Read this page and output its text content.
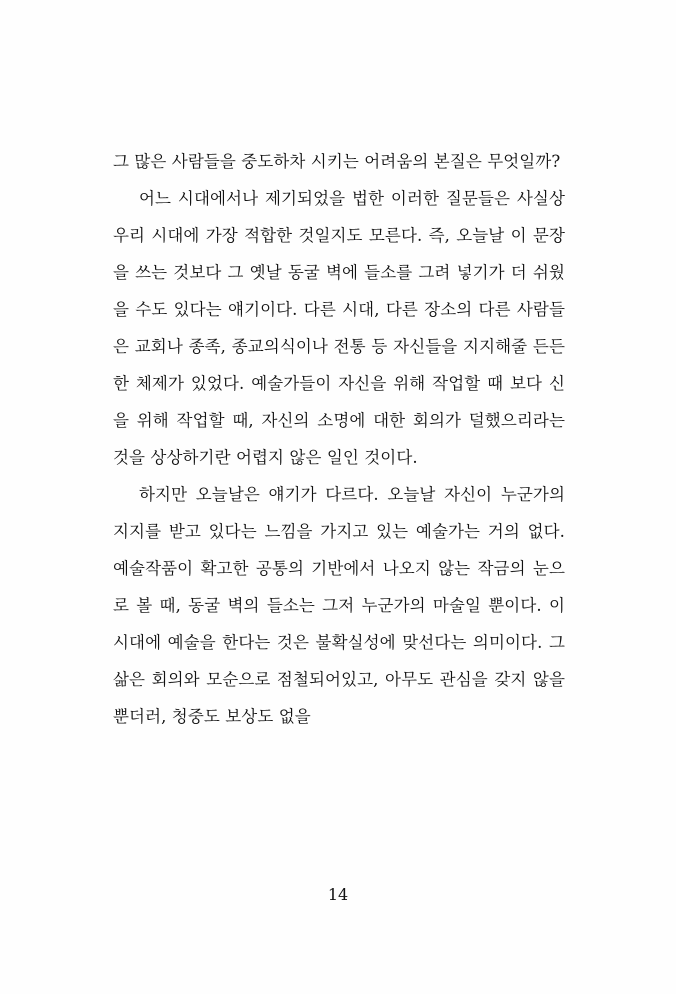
그 많은 사람들을 중도하차 시키는 어려움의 본질은 무엇일까?

어느 시대에서나 제기되었을 법한 이러한 질문들은 사실상 우리 시대에 가장 적합한 것일지도 모른다. 즉, 오늘날 이 문장을 쓰는 것보다 그 옛날 동굴 벽에 들소를 그려 넣기가 더 쉬웠을 수도 있다는 얘기이다. 다른 시대, 다른 장소의 다른 사람들은 교회나 종족, 종교의식이나 전통 등 자신들을 지지해줄 든든한 체제가 있었다. 예술가들이 자신을 위해 작업할 때 보다 신을 위해 작업할 때, 자신의 소명에 대한 회의가 덜했으리라는 것을 상상하기란 어렵지 않은 일인 것이다.

하지만 오늘날은 얘기가 다르다. 오늘날 자신이 누군가의 지지를 받고 있다는 느낌을 가지고 있는 예술가는 거의 없다. 예술작품이 확고한 공통의 기반에서 나오지 않는 작금의 눈으로 볼 때, 동굴 벽의 들소는 그저 누군가의 마술일 뿐이다. 이 시대에 예술을 한다는 것은 불확실성에 맞선다는 의미이다. 그 삶은 회의와 모순으로 점철되어있고, 아무도 관심을 갖지 않을뿐더러, 청중도 보상도 없을

14
